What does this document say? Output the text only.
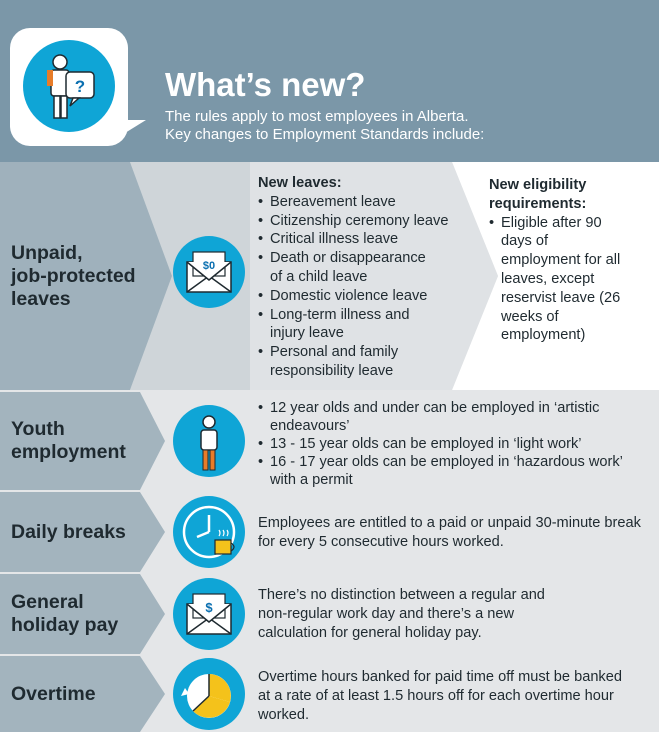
? What’s new?
The rules apply to most employees in Alberta.
Key changes to Employment Standards include:
Unpaid,
job-protected
leaves
$0
New leaves:
• Bereavement leave
• Citizenship ceremony leave
• Critical illness leave
• Death or disappearance of a child leave
• Domestic violence leave
• Long-term illness and injury leave
• Personal and family responsibility leave
New eligibility requirements:
• Eligible after 90 days of employment for all leaves, except reservist leave (26 weeks of employment)
Youth
employment
• 12 year olds and under can be employed in ‘artistic endeavours’
• 13 - 15 year olds can be employed in ‘light work’
• 16 - 17 year olds can be employed in ‘hazardous work’ with a permit
Daily breaks	Employees are entitled to a paid or unpaid 30-minute break for every 5 consecutive hours worked.
General
holiday pay
$
There’s no distinction between a regular and non-regular work day and there’s a new calculation for general holiday pay.
Overtime
Overtime hours banked for paid time off must be banked at a rate of at least 1.5 hours off for each overtime hour worked.
